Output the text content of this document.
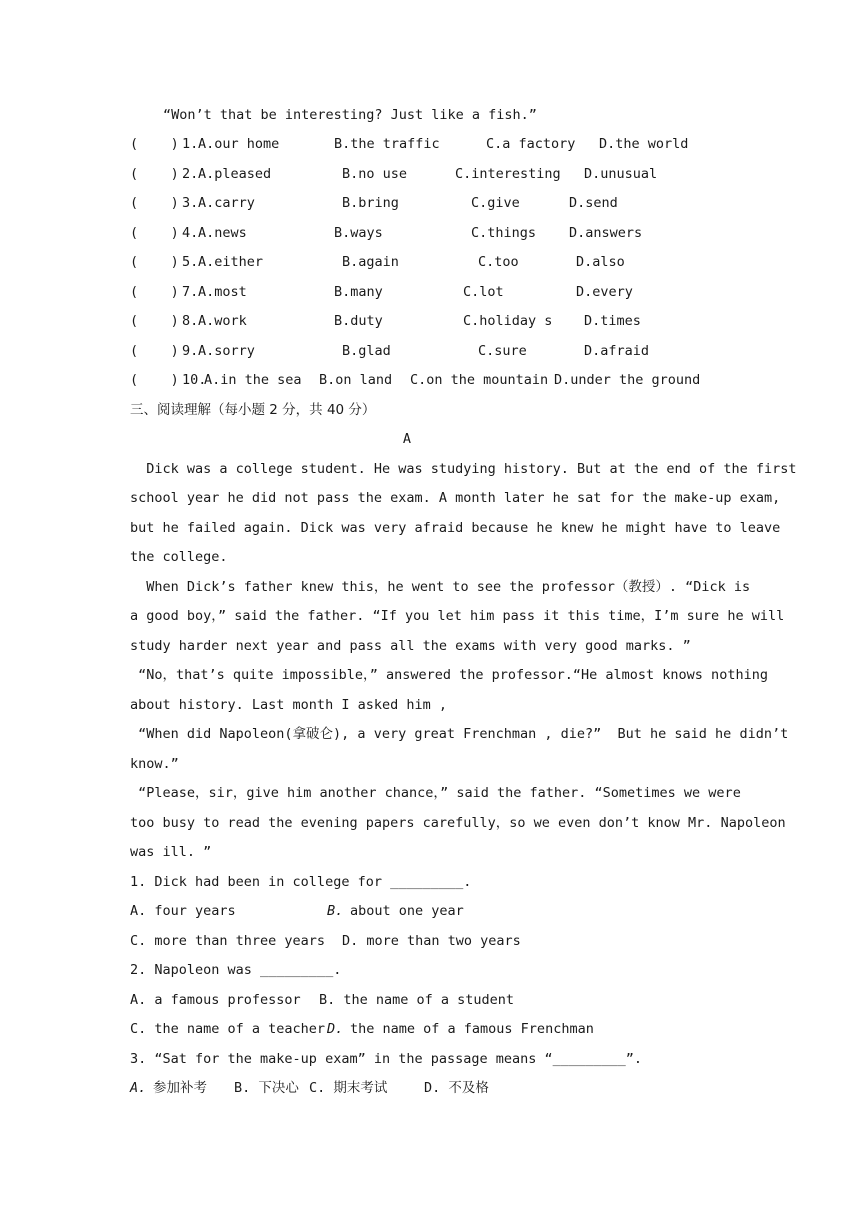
“Won’t that be interesting? Just like a fish.”

(    )

1.

A.our home

	B.the traffic

	C.a factory

D.the world

(    )

2.

A.pleased

	B.no use

	C.interesting

D.unusual

(    )

3.

A.carry

	B.bring

	C.give

	D.send

(    )

4.

A.news

	B.ways

	C.things

D.answers

(    )

5.

A.either

	B.again

	C.too

	D.also

(    )

7.

A.most

	B.many

	C.lot

	D.every

(    )

8.

A.work

	B.duty

	C.holiday s

D.times

(    )

9.

A.sorry

	B.glad

	C.sure

	D.afraid

(    )

10.

A.in the sea

B.on land

C.on the mountain

D.under the ground

三、阅读理解（每小题 2 分，共 40 分）
A
Dick was a college student. He was studying history. But at the end of the first
school year he did not pass the exam. A month later he sat for the make-up exam,
but he failed again. Dick was very afraid because he knew he might have to leave
the college.
When Dick’s father knew this，he went to see the professor（教授）. “Dick is
a good boy，” said the father. “If you let him pass it this time，I’m sure he will
study harder next year and pass all the exams with very good marks. ”
“No，that’s quite impossible，” answered the professor.“He almost knows nothing
about history. Last month I asked him ,
“When did Napoleon(拿破仑), a very great Frenchman , die?”  But he said he didn’t
know.”
“Please，sir，give him another chance，” said the father. “Sometimes we were
too busy to read the evening papers carefully，so we even don’t know Mr. Napoleon
was ill. ”
1. Dick had been in college for _________.

A. four years

	B.

about one year

C. more than three years

D. more than two years

2. Napoleon was _________.

A. a famous professor

B. the name of a student

C. the name of a teacher

D.

the name of a famous Frenchman

3. “Sat for the make-up exam” in the passage means “_________”.

A.

参加补考

B. 下决心

C. 期末考试

	D. 不及格
